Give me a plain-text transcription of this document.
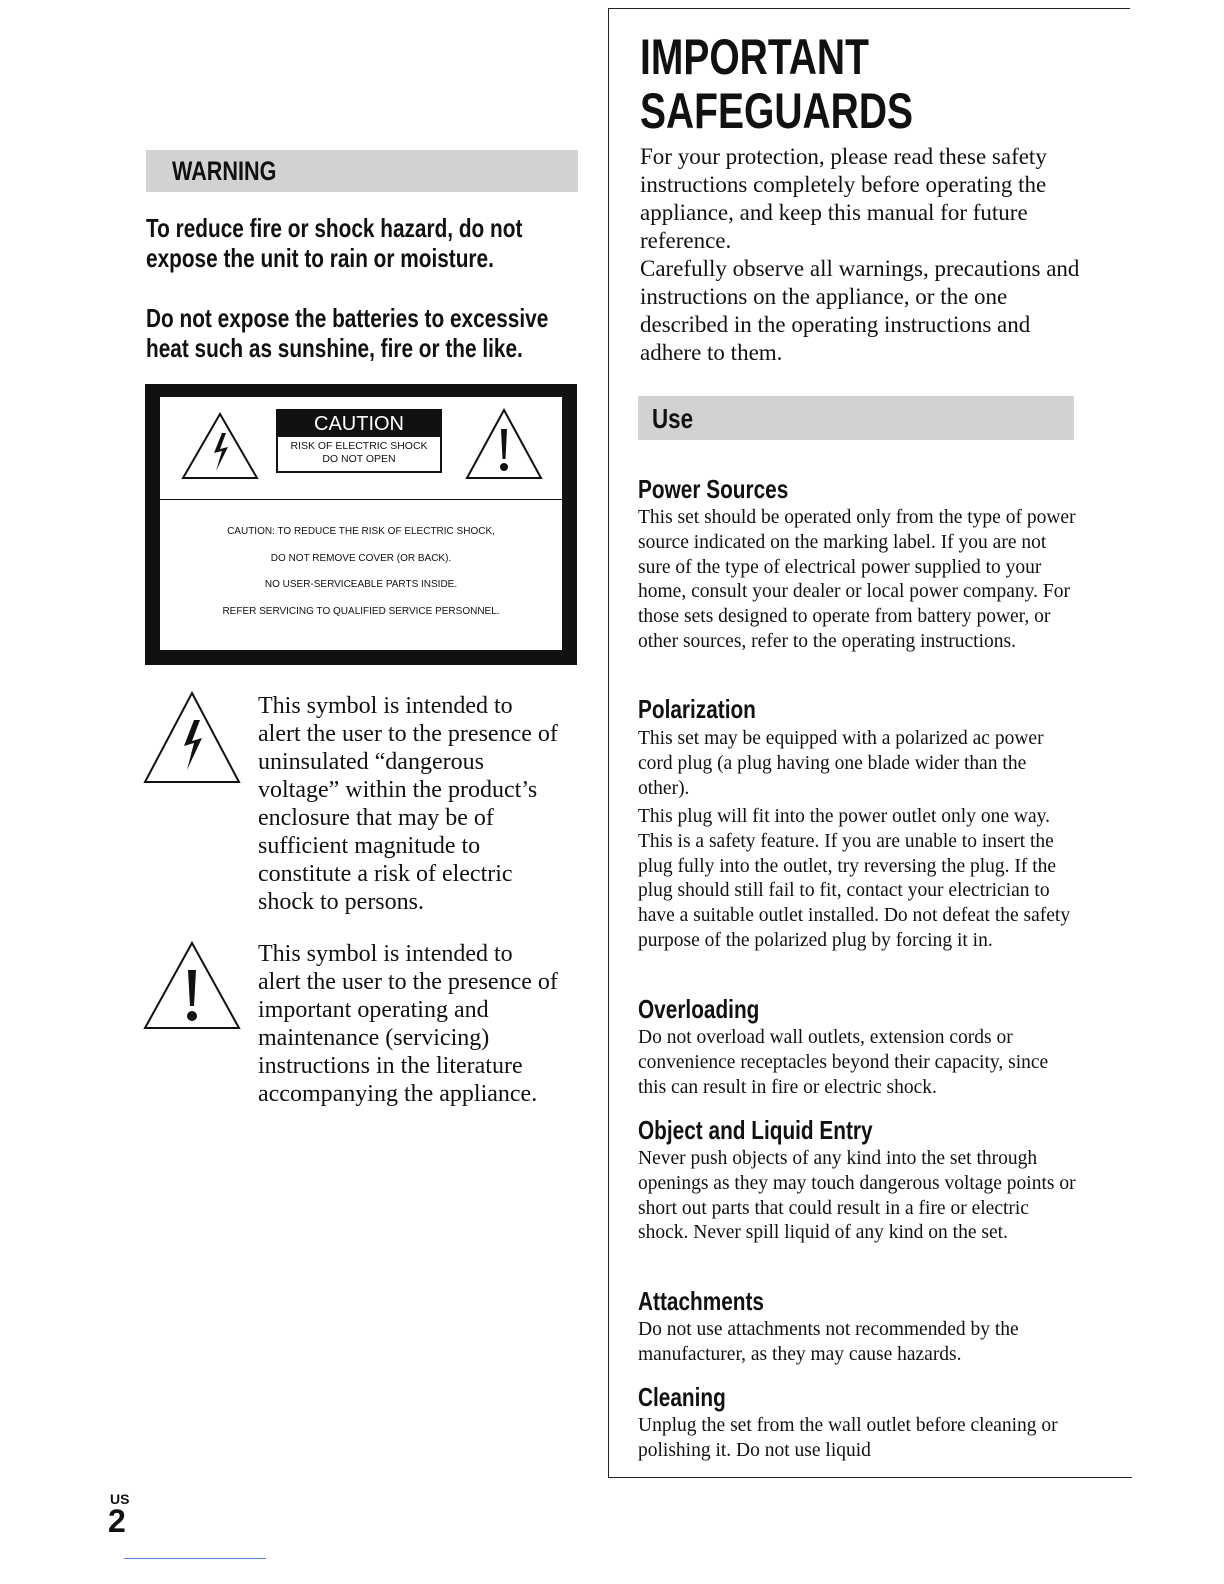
WARNING
To reduce fire or shock hazard, do not expose the unit to rain or moisture.
Do not expose the batteries to excessive heat such as sunshine, fire or the like.
CAUTION
RISK OF ELECTRIC SHOCK
DO NOT OPEN
CAUTION: TO REDUCE THE RISK OF ELECTRIC SHOCK,
DO NOT REMOVE COVER (OR BACK).
NO USER-SERVICEABLE PARTS INSIDE.
REFER SERVICING TO QUALIFIED SERVICE PERSONNEL.
This symbol is intended to alert the user to the presence of uninsulated “dangerous voltage” within the product’s enclosure that may be of sufficient magnitude to constitute a risk of electric shock to persons.
This symbol is intended to alert the user to the presence of important operating and maintenance (servicing) instructions in the literature accompanying the appliance.
IMPORTANT
SAFEGUARDS
For your protection, please read these safety instructions completely before operating the appliance, and keep this manual for future reference.
Carefully observe all warnings, precautions and instructions on the appliance, or the one described in the operating instructions and adhere to them.
Use
Power Sources
This set should be operated only from the type of power source indicated on the marking label. If you are not sure of the type of electrical power supplied to your home, consult your dealer or local power company. For those sets designed to operate from battery power, or other sources, refer to the operating instructions.
Polarization
This set may be equipped with a polarized ac power cord plug (a plug having one blade wider than the other).
This plug will fit into the power outlet only one way. This is a safety feature. If you are unable to insert the plug fully into the outlet, try reversing the plug. If the plug should still fail to fit, contact your electrician to have a suitable outlet installed. Do not defeat the safety purpose of the polarized plug by forcing it in.
Overloading
Do not overload wall outlets, extension cords or convenience receptacles beyond their capacity, since this can result in fire or electric shock.
Object and Liquid Entry
Never push objects of any kind into the set through openings as they may touch dangerous voltage points or short out parts that could result in a fire or electric shock. Never spill liquid of any kind on the set.
Attachments
Do not use attachments not recommended by the manufacturer, as they may cause hazards.
Cleaning
Unplug the set from the wall outlet before cleaning or polishing it. Do not use liquid
US
2
